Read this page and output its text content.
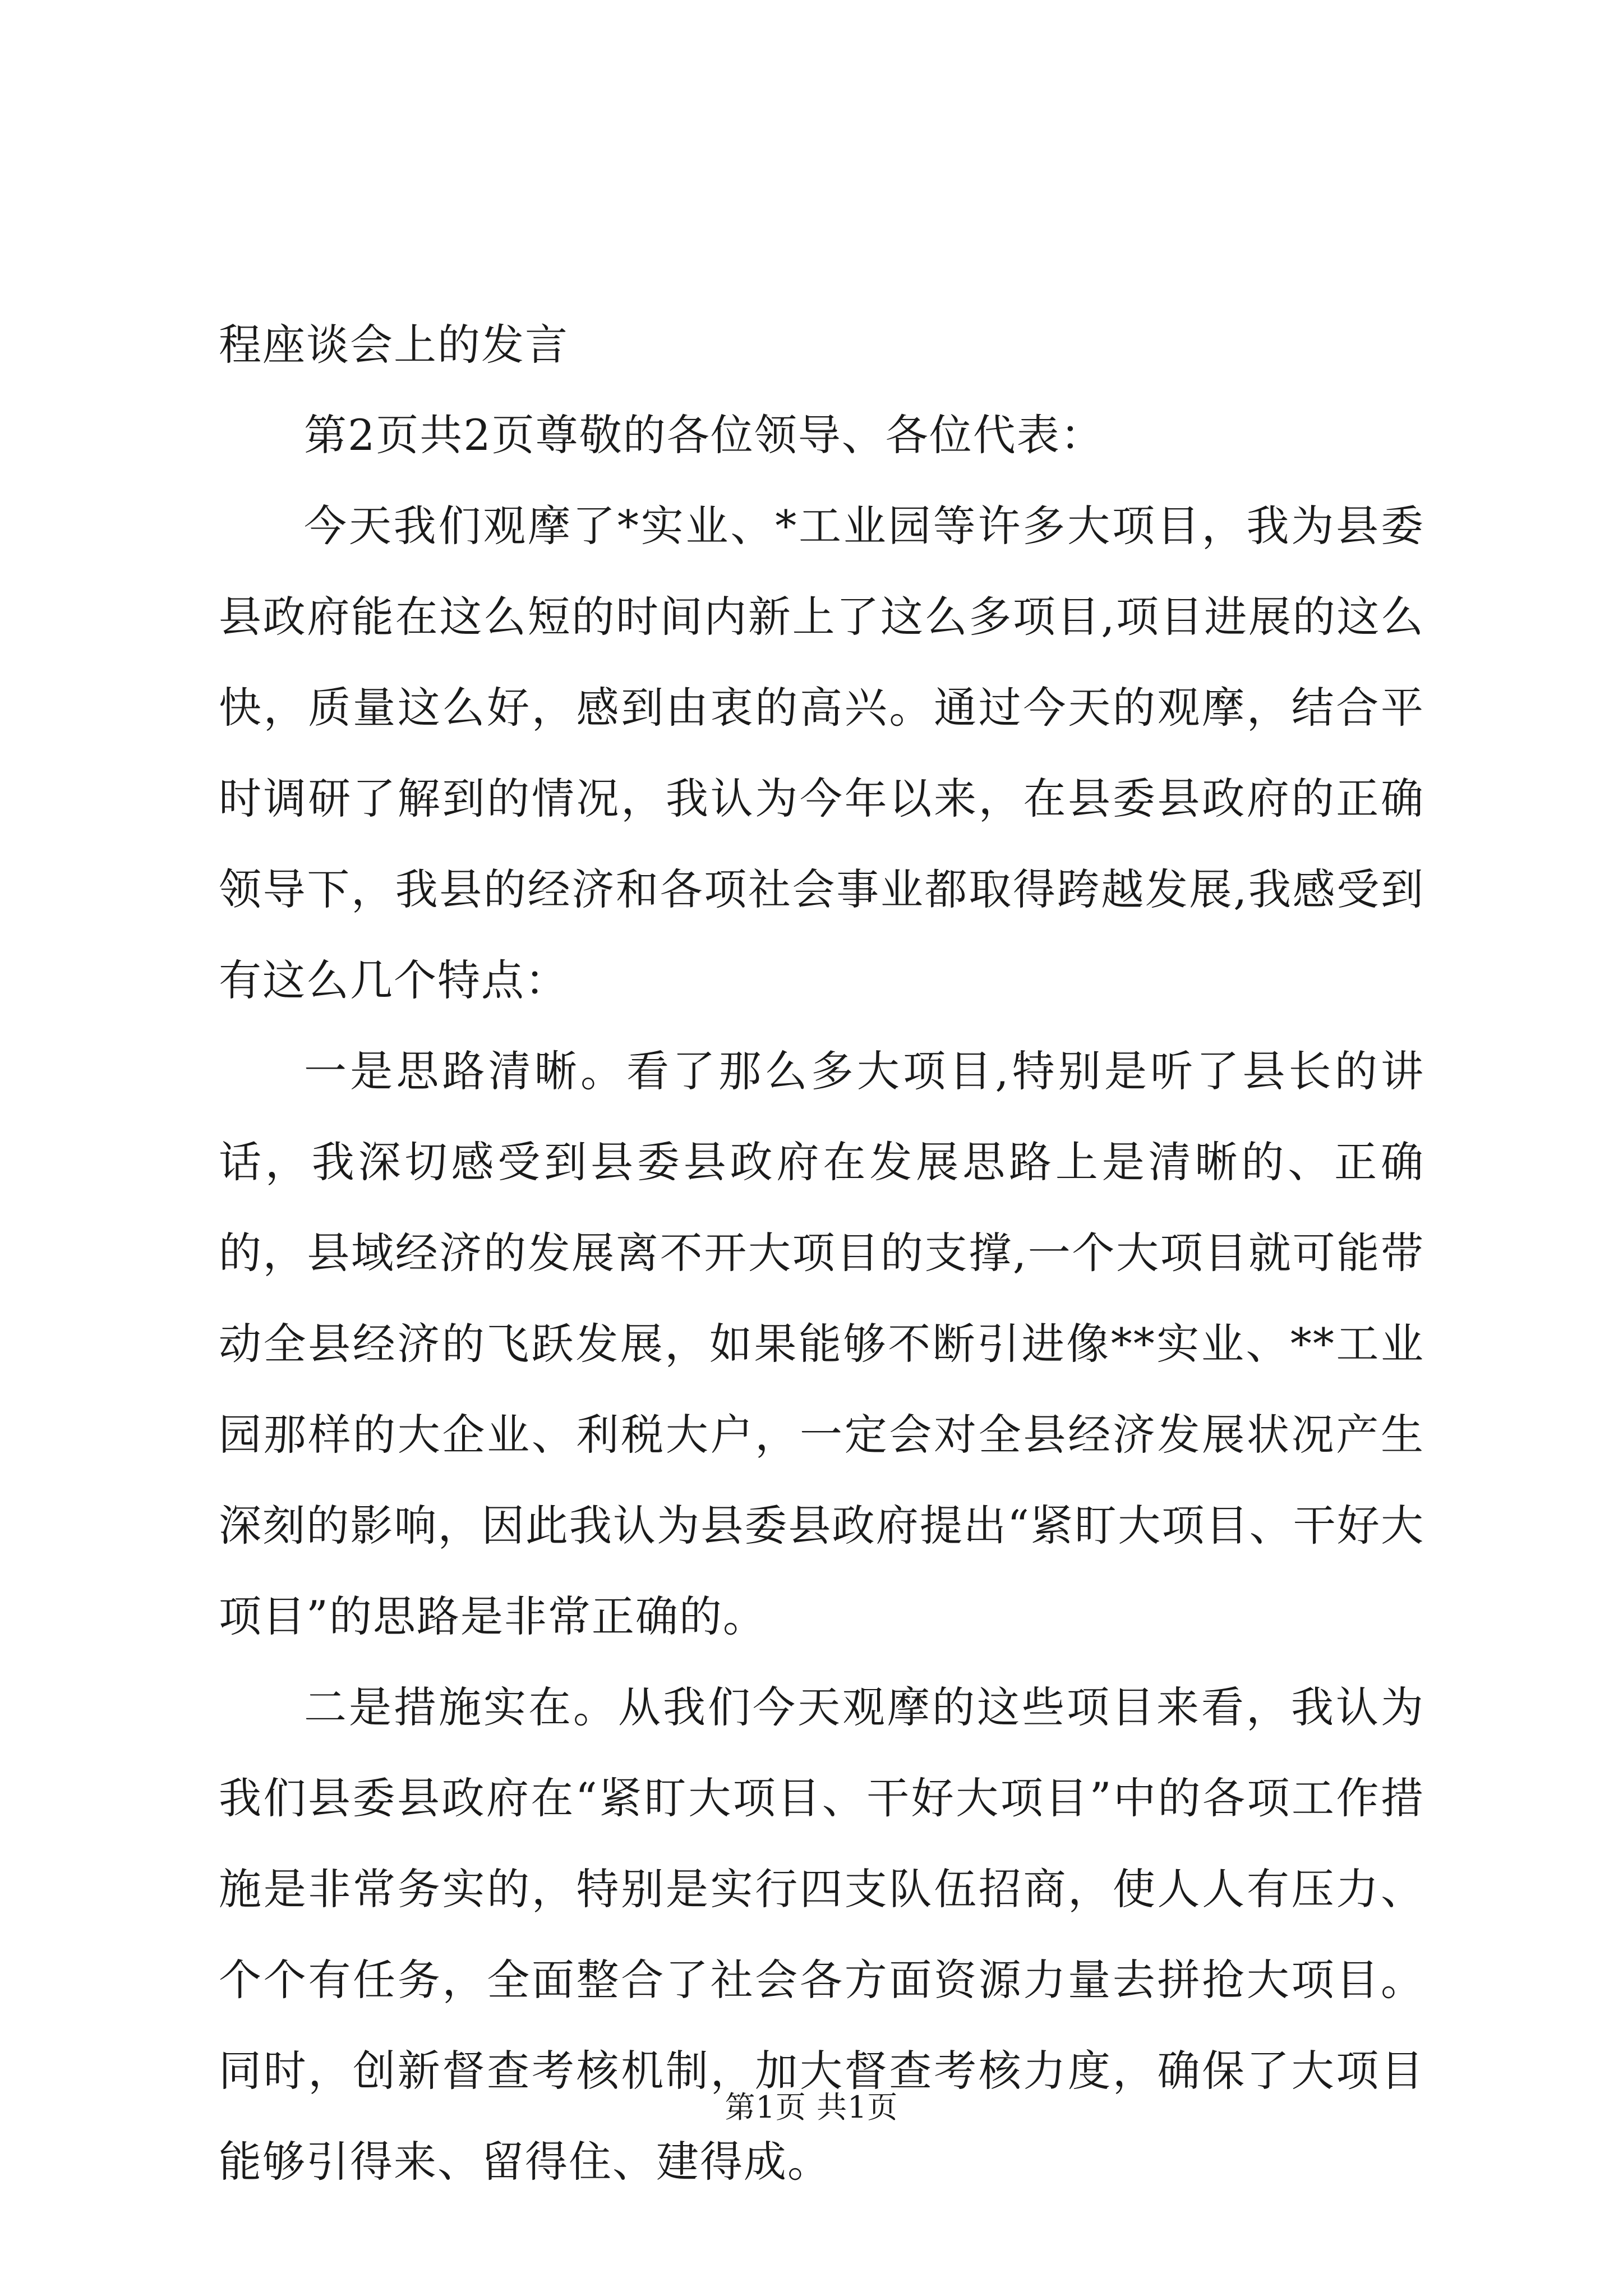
程座谈会上的发言

第2页共2页尊敬的各位领导、各位代表：

今天我们观摩了*实业、*工业园等许多大项目，我为县委县政府能在这么短的时间内新上了这么多项目,项目进展的这么快，质量这么好，感到由衷的高兴。通过今天的观摩，结合平时调研了解到的情况，我认为今年以来，在县委县政府的正确领导下，我县的经济和各项社会事业都取得跨越发展,我感受到有这么几个特点：

一是思路清晰。看了那么多大项目,特别是听了县长的讲话，我深切感受到县委县政府在发展思路上是清晰的、正确的，县域经济的发展离不开大项目的支撑,一个大项目就可能带动全县经济的飞跃发展，如果能够不断引进像**实业、**工业园那样的大企业、利税大户，一定会对全县经济发展状况产生深刻的影响，因此我认为县委县政府提出“紧盯大项目、干好大项目”的思路是非常正确的。

二是措施实在。从我们今天观摩的这些项目来看，我认为我们县委县政府在“紧盯大项目、干好大项目”中的各项工作措施是非常务实的，特别是实行四支队伍招商，使人人有压力、个个有任务，全面整合了社会各方面资源力量去拼抢大项目。同时，创新督查考核机制，加大督查考核力度，确保了大项目能够引得来、留得住、建得成。

第1页 共1页
